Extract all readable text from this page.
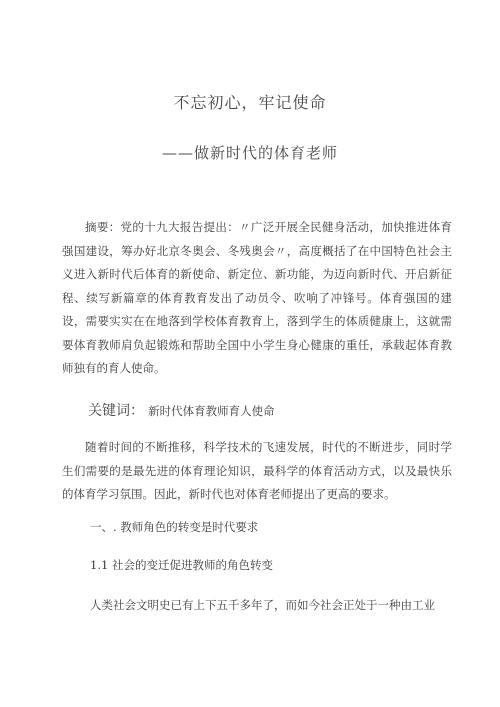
不忘初心，牢记使命
——做新时代的体育老师
摘要：党的十九大报告提出：〃广泛开展全民健身活动，加快推进体育强国建设，筹办好北京冬奥会、冬残奥会〃，高度概括了在中国特色社会主义进入新时代后体育的新使命、新定位、新功能，为迈向新时代、开启新征程、续写新篇章的体育教育发出了动员令、吹响了冲锋号。体育强国的建设，需要实实在在地落到学校体育教育上，落到学生的体质健康上，这就需要体育教师肩负起锻炼和帮助全国中小学生身心健康的重任，承载起体育教师独有的育人使命。
关键词： 新时代体育教师育人使命
随着时间的不断推移，科学技术的飞速发展，时代的不断进步，同时学生们需要的是最先进的体育理论知识，最科学的体育活动方式，以及最快乐的体育学习氛围。因此，新时代也对体育老师提出了更高的要求。
一、. 教师角色的转变是时代要求
1.1 社会的变迁促进教师的角色转变
人类社会文明史已有上下五千多年了，而如今社会正处于一种由工业
